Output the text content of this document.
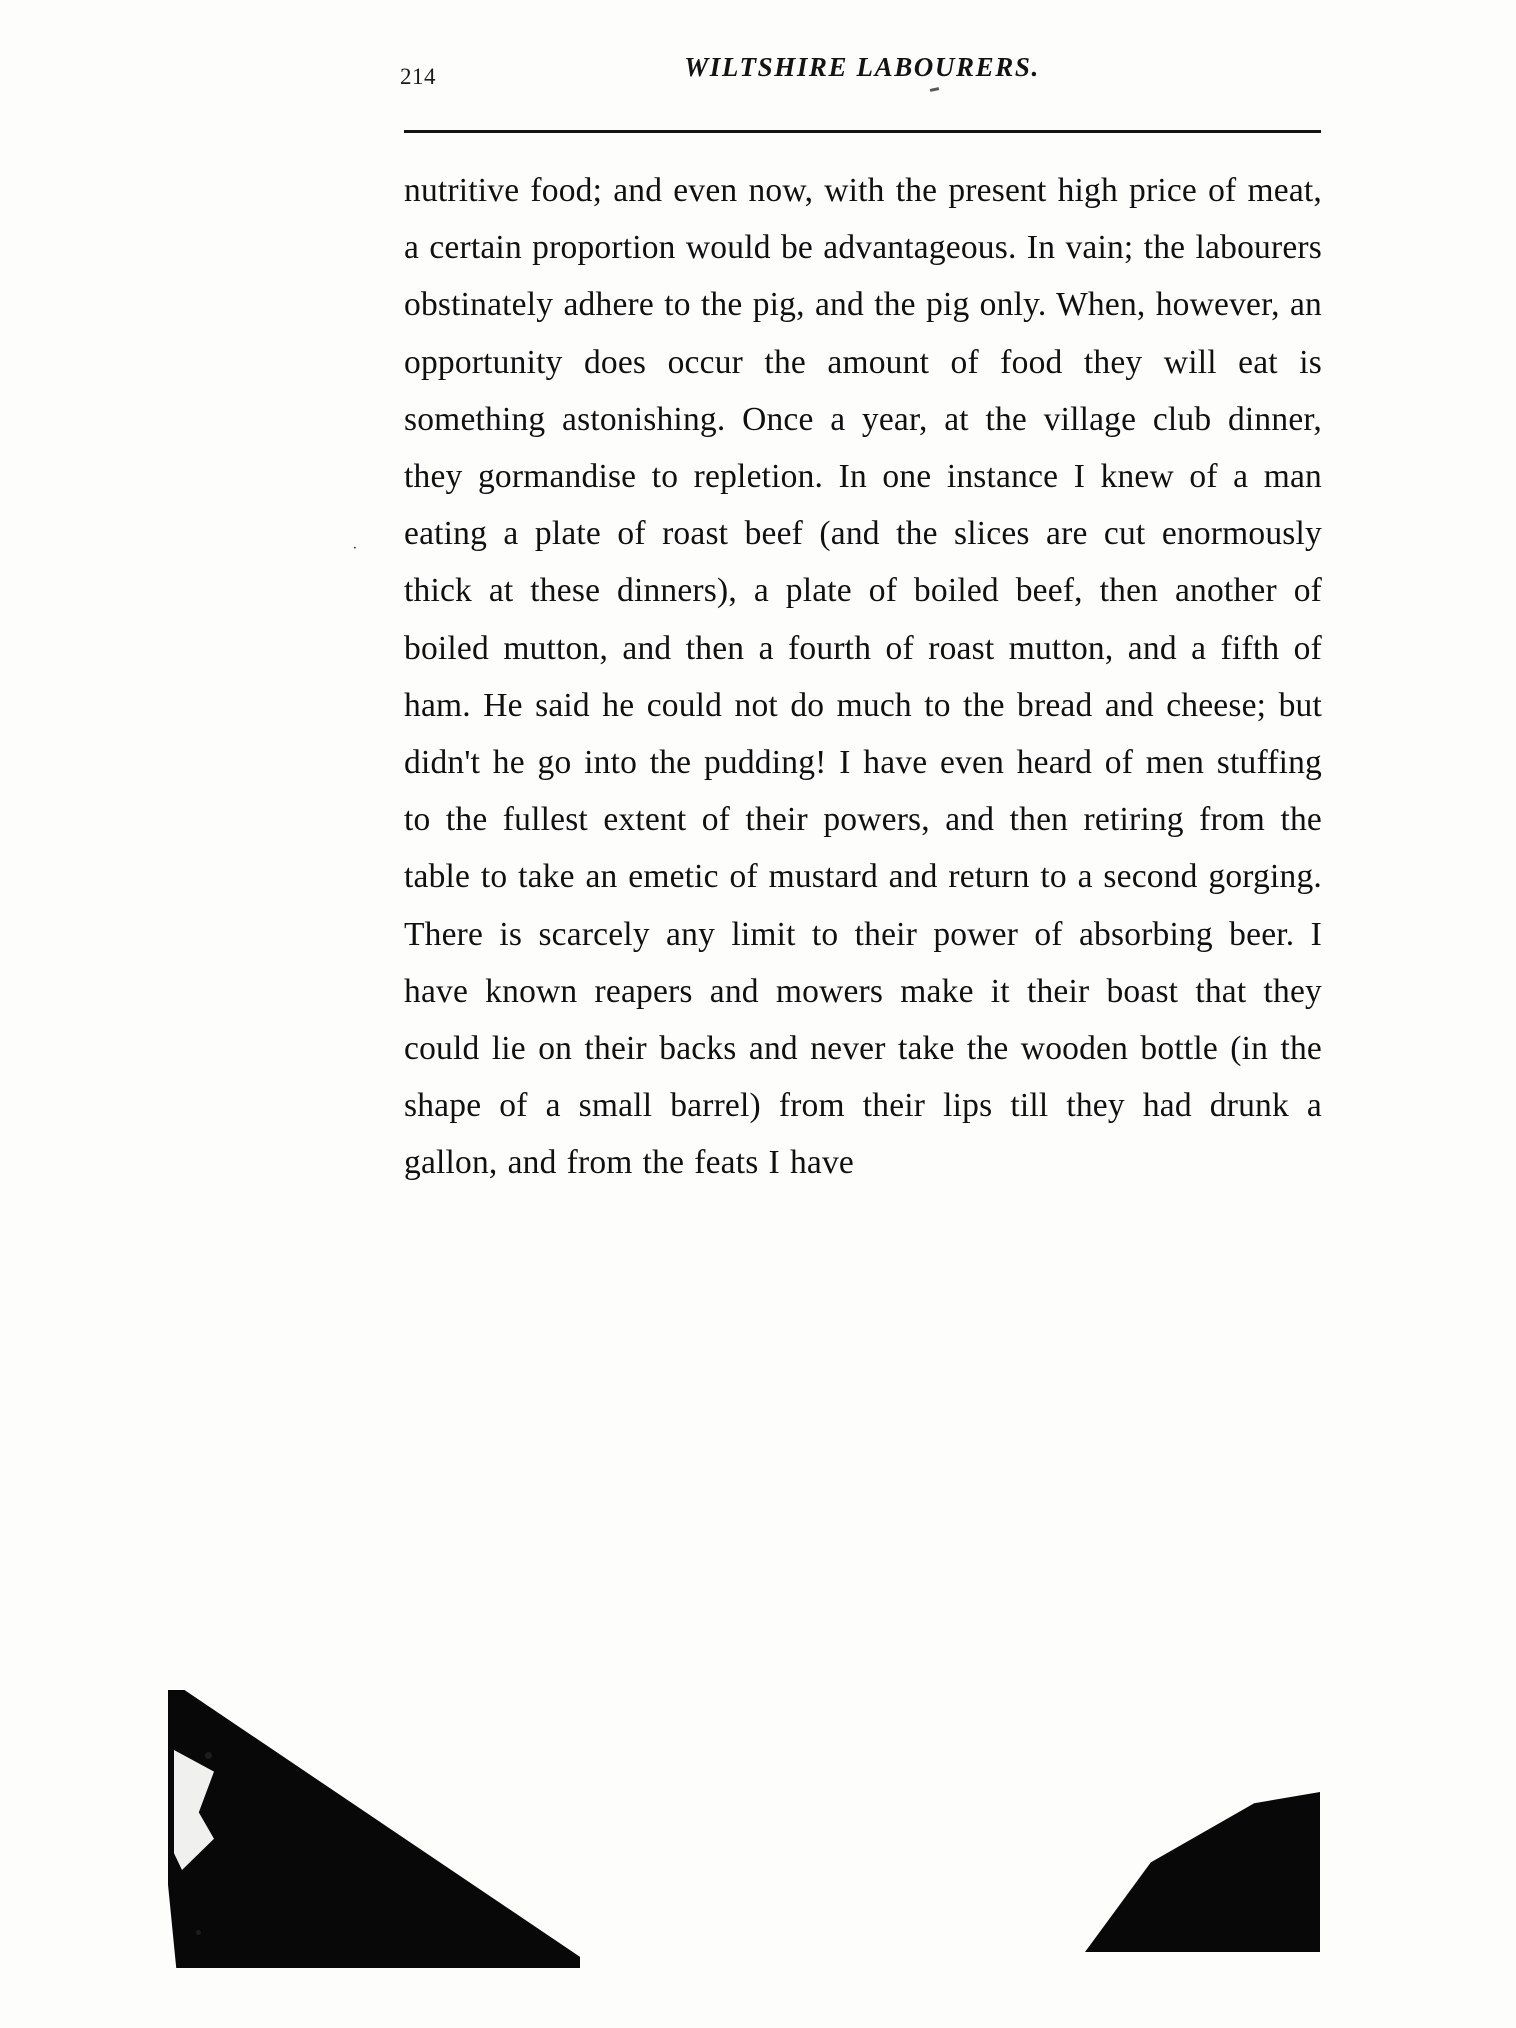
214	WILTSHIRE LABOURERS.
˙

nutritive food; and even now, with the present high price of meat, a certain proportion would be advantageous. In vain; the labourers obstinately adhere to the pig, and the pig only. When, however, an opportunity does occur the amount of food they will eat is something astonishing. Once a year, at the village club dinner, they gormandise to repletion. In one instance I knew of a man eating a plate of roast beef (and the slices are cut enormously thick at these dinners), a plate of boiled beef, then another of boiled mutton, and then a fourth of roast mutton, and a fifth of ham. He said he could not do much to the bread and cheese; but didn't he go into the pudding! I have even heard of men stuffing to the fullest extent of their powers, and then retiring from the table to take an emetic of mustard and return to a second gorging. There is scarcely any limit to their power of absorbing beer. I have known reapers and mowers make it their boast that they could lie on their backs and never take the wooden bottle (in the shape of a small barrel) from their lips till they had drunk a gallon, and from the feats I have
